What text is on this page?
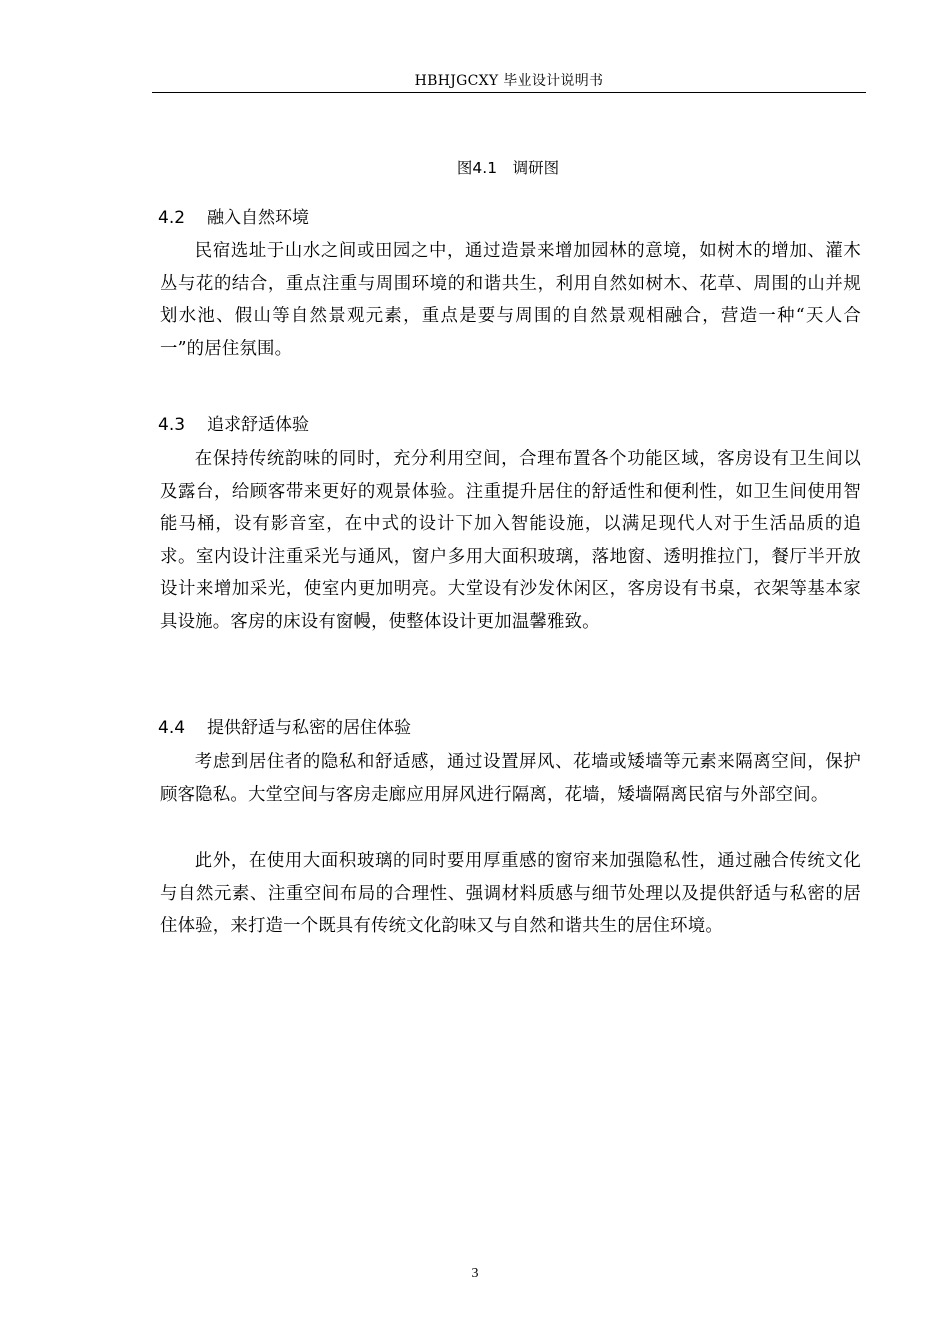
HBHJGCXY 毕业设计说明书
图4.1　调研图
4.2 融入自然环境

民宿选址于山水之间或田园之中，通过造景来增加园林的意境，如树木的增加、灌木丛与花的结合，重点注重与周围环境的和谐共生，利用自然如树木、花草、周围的山并规划水池、假山等自然景观元素，重点是要与周围的自然景观相融合，营造一种“天人合一”的居住氛围。

4.3 追求舒适体验

在保持传统韵味的同时，充分利用空间，合理布置各个功能区域，客房设有卫生间以及露台，给顾客带来更好的观景体验。注重提升居住的舒适性和便利性，如卫生间使用智能马桶，设有影音室，在中式的设计下加入智能设施，以满足现代人对于生活品质的追求。室内设计注重采光与通风，窗户多用大面积玻璃，落地窗、透明推拉门，餐厅半开放设计来增加采光，使室内更加明亮。大堂设有沙发休闲区，客房设有书桌，衣架等基本家具设施。客房的床设有窗幔，使整体设计更加温馨雅致。

4.4 提供舒适与私密的居住体验

考虑到居住者的隐私和舒适感，通过设置屏风、花墙或矮墙等元素来隔离空间，保护顾客隐私。大堂空间与客房走廊应用屏风进行隔离，花墙，矮墙隔离民宿与外部空间。

此外，在使用大面积玻璃的同时要用厚重感的窗帘来加强隐私性，通过融合传统文化与自然元素、注重空间布局的合理性、强调材料质感与细节处理以及提供舒适与私密的居住体验，来打造一个既具有传统文化韵味又与自然和谐共生的居住环境。

3
